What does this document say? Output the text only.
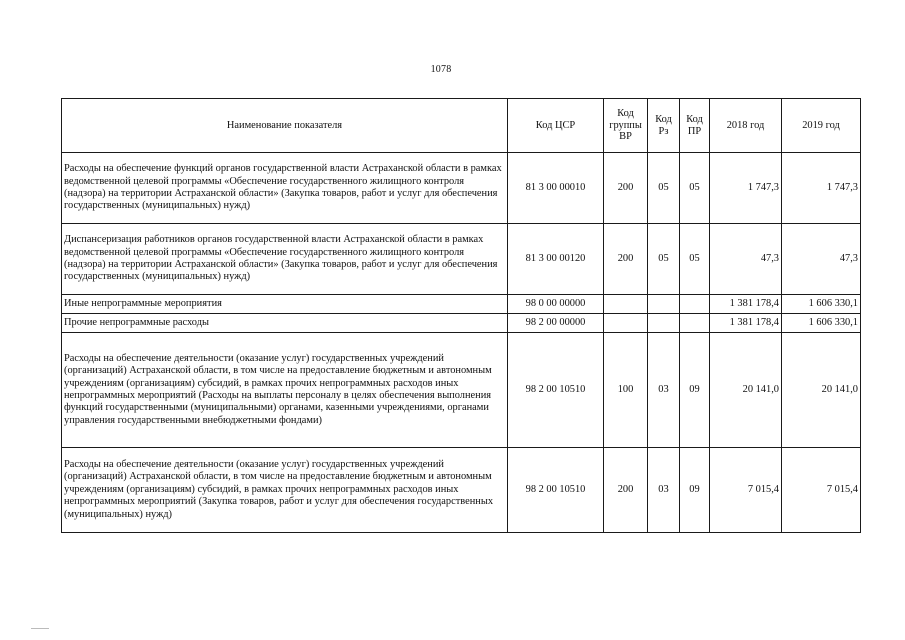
1078
Наименование показателя	Код ЦСР	Код группы ВР	Код Рз	Код ПР	2018 год	2019 год
Расходы на обеспечение функций органов государственной власти Астраханской области в рамках ведомственной целевой программы «Обеспечение государственного жилищного контроля (надзора) на территории Астраханской области» (Закупка товаров, работ и услуг для обеспечения государственных (муниципальных) нужд)	81 3 00 00010	200	05	05	1 747,3	1 747,3
Диспансеризация работников органов государственной власти Астраханской области в рамках ведомственной целевой программы «Обеспечение государственного жилищного контроля (надзора) на территории Астраханской области» (Закупка товаров, работ и услуг для обеспечения государственных (муниципальных) нужд)	81 3 00 00120	200	05	05	47,3	47,3
Иные непрограммные мероприятия	98 0 00 00000				1 381 178,4	1 606 330,1
Прочие непрограммные расходы	98 2 00 00000				1 381 178,4	1 606 330,1
Расходы на обеспечение деятельности (оказание услуг) государственных учреждений (организаций) Астраханской области, в том числе на предоставление бюджетным и автономным учреждениям (организациям) субсидий, в рамках прочих непрограммных расходов иных непрограммных мероприятий (Расходы на выплаты персоналу в целях обеспечения выполнения функций государственными (муниципальными) органами, казенными учреждениями, органами управления государственными внебюджетными фондами)	98 2 00 10510	100	03	09	20 141,0	20 141,0
Расходы на обеспечение деятельности (оказание услуг) государственных учреждений (организаций) Астраханской области, в том числе на предоставление бюджетным и автономным учреждениям (организациям) субсидий, в рамках прочих непрограммных расходов иных непрограммных мероприятий (Закупка товаров, работ и услуг для обеспечения государственных (муниципальных) нужд)	98 2 00 10510	200	03	09	7 015,4	7 015,4
